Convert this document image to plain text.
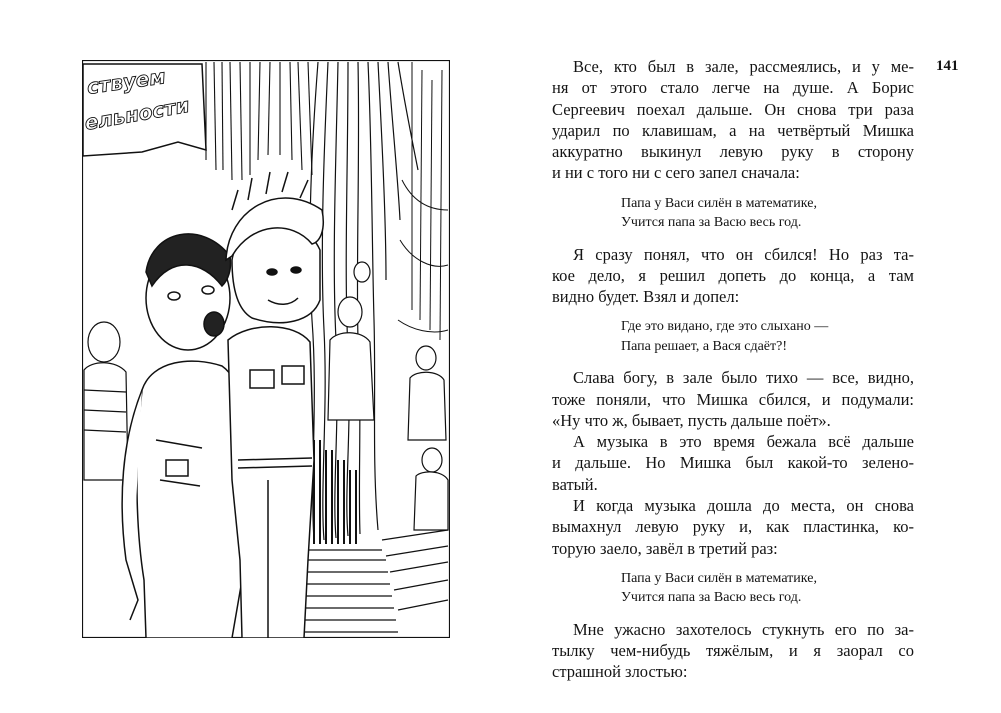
ствуем
ельности
141
Все, кто был в зале, рассмеялись, и у ме-
ня от этого стало легче на душе. А Борис
Сергеевич поехал дальше. Он снова три раза
ударил по клавишам, а на четвёртый Мишка
аккуратно выкинул левую руку в сторону
и ни с того ни с сего запел сначала:
Папа у Васи силён в математике,
Учится папа за Васю весь год.
Я сразу понял, что он сбился! Но раз та-
кое дело, я решил допеть до конца, а там
видно будет. Взял и допел:
Где это видано, где это слыхано —
Папа решает, а Вася сдаёт?!
Слава богу, в зале было тихо — все, видно,
тоже поняли, что Мишка сбился, и подумали:
«Ну что ж, бывает, пусть дальше поёт».
А музыка в это время бежала всё дальше
и дальше. Но Мишка был какой-то зелено-
ватый.
И когда музыка дошла до места, он снова
вымахнул левую руку и, как пластинка, ко-
торую заело, завёл в третий раз:
Папа у Васи силён в математике,
Учится папа за Васю весь год.
Мне ужасно захотелось стукнуть его по за-
тылку чем-нибудь тяжёлым, и я заорал со
страшной злостью:
